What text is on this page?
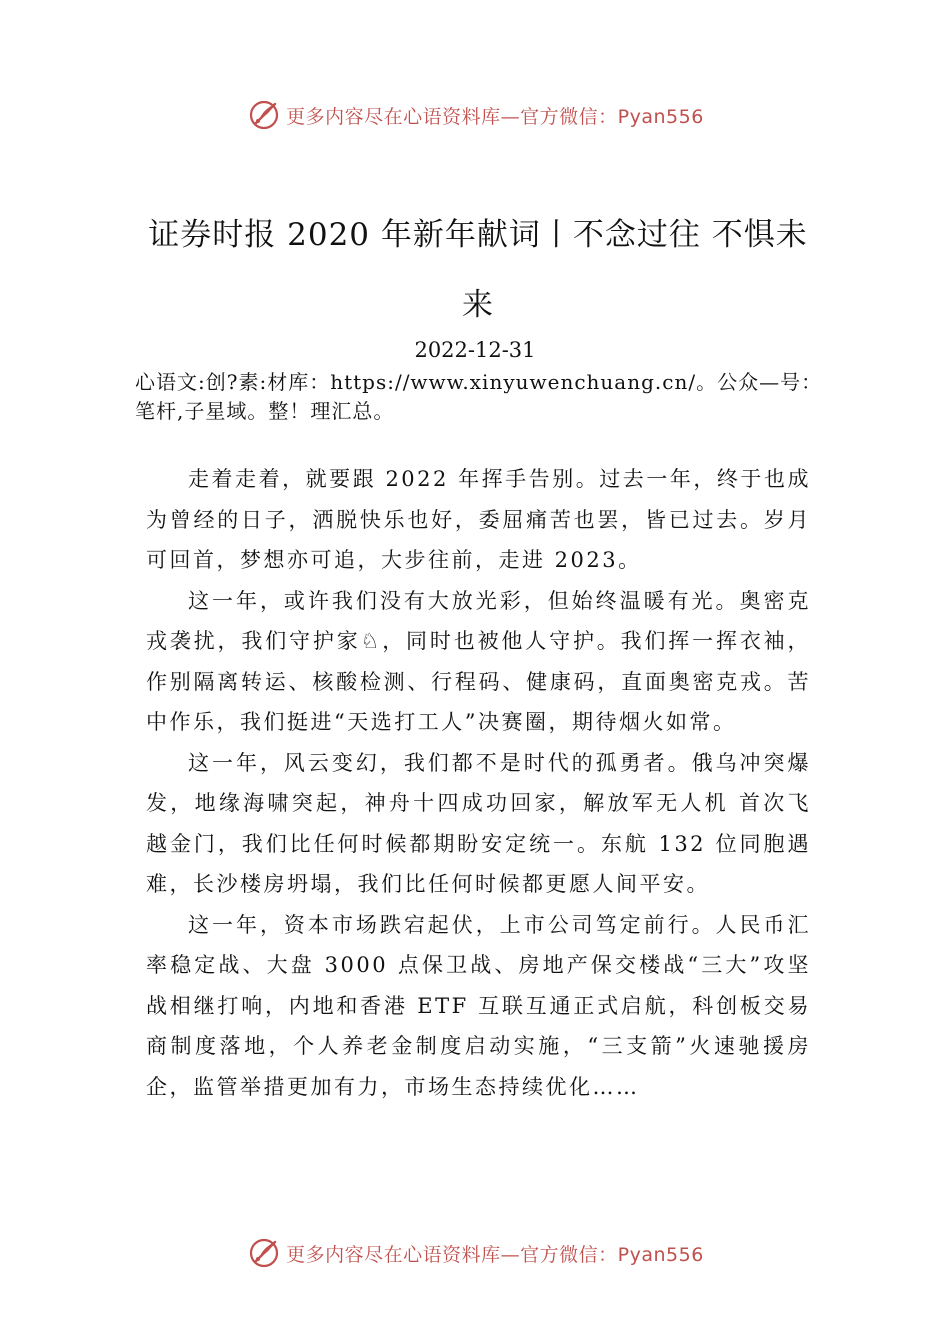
更多内容尽在心语资料库—官方微信：Pyan556
证券时报 2020 年新年献词丨不念过往 不惧未来
2022-12-31
心语文:创?素:材库：https://www.xinyuwenchuang.cn/。公众—号：笔杆,子星域。整！理汇总。

走着走着，就要跟 2022 年挥手告别。过去一年，终于也成为曾经的日子，洒脱快乐也好，委屈痛苦也罢，皆已过去。岁月可回首，梦想亦可追，大步往前，走进 2023。

这一年，或许我们没有大放光彩，但始终温暖有光。奥密克戎袭扰，我们守护家♘，同时也被他人守护。我们挥一挥衣袖，作别隔离转运、核酸检测、行程码、健康码，直面奥密克戎。苦中作乐，我们挺进“天选打工人”决赛圈，期待烟火如常。

这一年，风云变幻，我们都不是时代的孤勇者。俄乌冲突爆发，地缘海啸突起，神舟十四成功回家，解放军无人机 首次飞越金门，我们比任何时候都期盼安定统一。东航 132 位同胞遇难，长沙楼房坍塌，我们比任何时候都更愿人间平安。

这一年，资本市场跌宕起伏，上市公司笃定前行。人民币汇率稳定战、大盘 3000 点保卫战、房地产保交楼战“三大”攻坚战相继打响，内地和香港 ETF 互联互通正式启航，科创板交易商制度落地，个人养老金制度启动实施，“三支箭”火速驰援房企，监管举措更加有力，市场生态持续优化……

更多内容尽在心语资料库—官方微信：Pyan556
